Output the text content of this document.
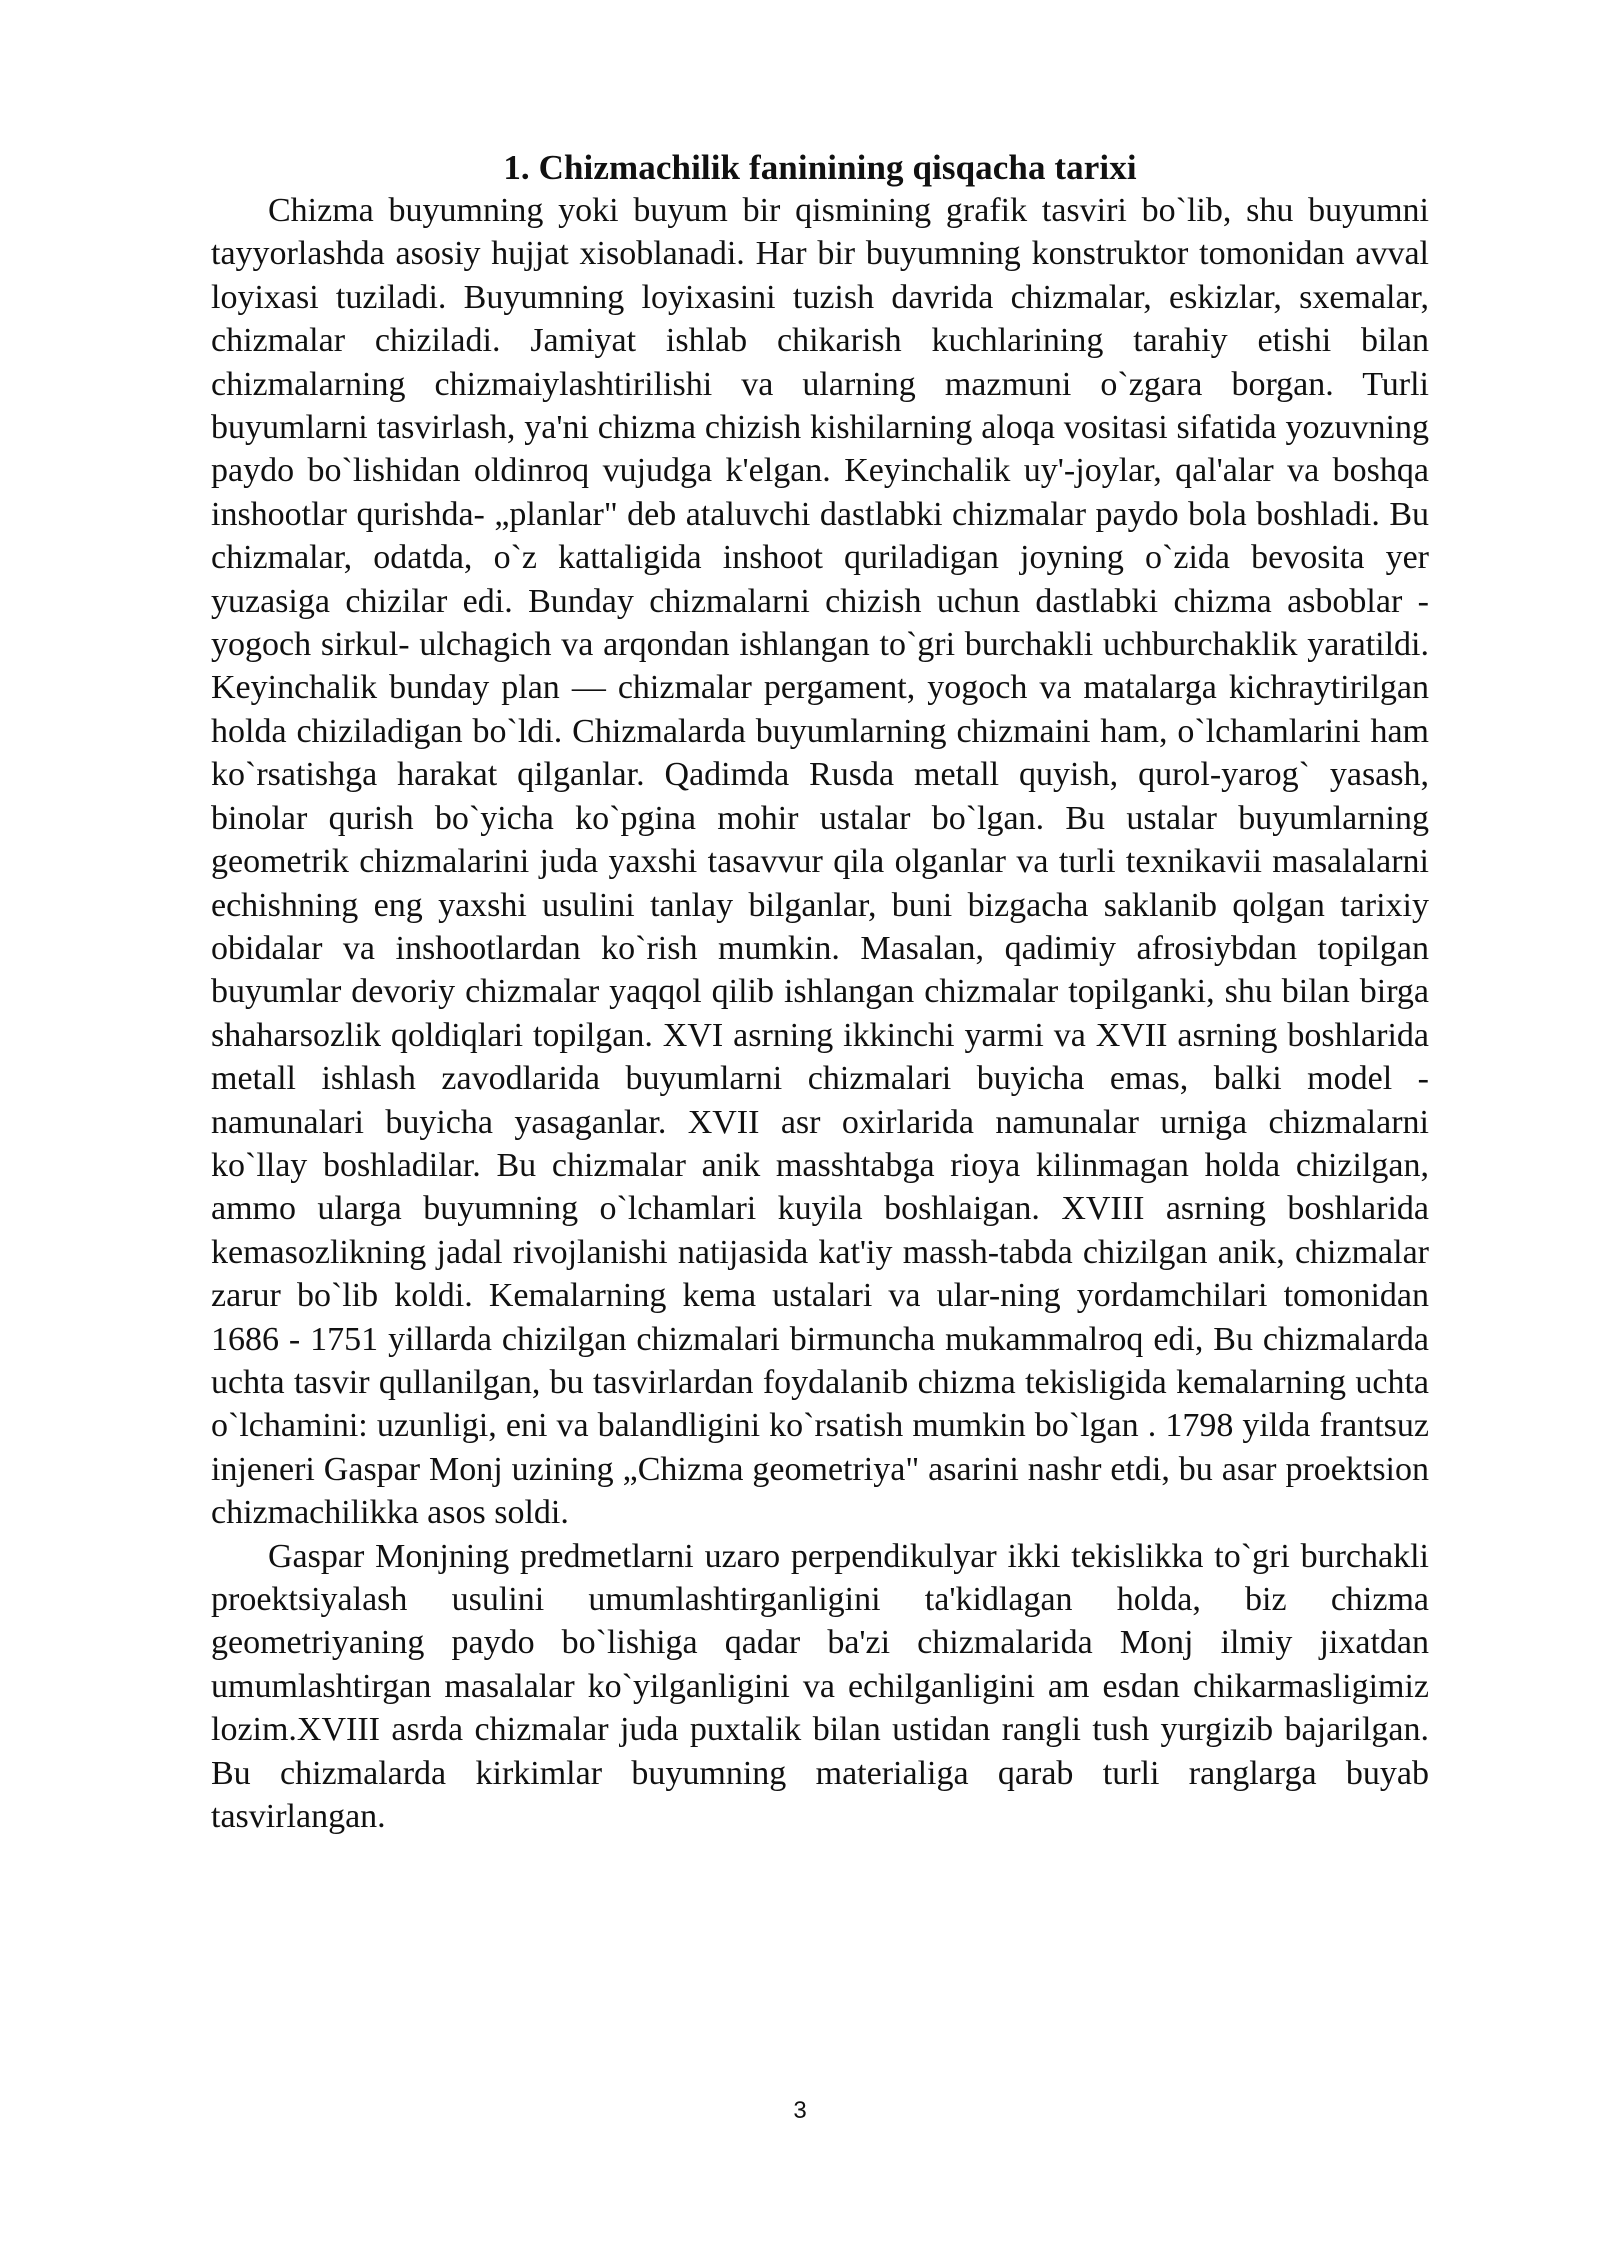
1. Chizmachilik faninining qisqacha tarixi

Chizma buyumning yoki buyum bir qismining grafik tasviri bo`lib, shu buyumni tayyorlashda asosiy hujjat xisoblanadi. Har bir buyumning konstruktor tomonidan avval loyixasi tuziladi. Buyumning loyixasini tuzish davrida chizmalar, eskizlar, sxemalar, chizmalar chiziladi. Jamiyat ishlab chikarish kuchlarining tarahiy etishi bilan chizmalarning chizmaiylashtirilishi va ularning mazmuni o`zgara borgan. Turli buyumlarni tasvirlash, ya'ni chizma chizish kishilarning aloqa vositasi sifatida yozuvning paydo bo`lishidan oldinroq vujudga k'elgan. Keyinchalik uy'-joylar, qal'alar va boshqa inshootlar qurishda- „planlar" deb ataluvchi dastlabki chizmalar paydo bola boshladi. Bu chizmalar, odatda, o`z kattaligida inshoot quriladigan joyning o`zida bevosita yer yuzasiga chizilar edi. Bunday chizmalarni chizish uchun dastlabki chizma asboblar - yogoch sirkul- ulchagich va arqondan ishlangan to`gri burchakli uchburchaklik yaratildi. Keyinchalik bunday plan — chizmalar pergament, yogoch va matalarga kichraytirilgan holda chiziladigan bo`ldi. Chizmalarda buyumlarning chizmaini ham, o`lchamlarini ham ko`rsatishga harakat qilganlar. Qadimda Rusda metall quyish, qurol-yarog` yasash, binolar qurish bo`yicha ko`pgina mohir ustalar bo`lgan. Bu ustalar buyumlarning geometrik chizmalarini juda yaxshi tasavvur qila olganlar va turli texnikavii masalalarni echishning eng yaxshi usulini tanlay bilganlar, buni bizgacha saklanib qolgan tarixiy obidalar va inshootlardan ko`rish mumkin. Masalan, qadimiy afrosiybdan topilgan buyumlar devoriy chizmalar yaqqol qilib ishlangan chizmalar topilganki, shu bilan birga shaharsozlik qoldiqlari topilgan. XVI asrning ikkinchi yarmi va XVII asrning boshlarida metall ishlash zavodlarida buyumlarni chizmalari buyicha emas, balki model - namunalari buyicha yasaganlar. XVII asr oxirlarida namunalar urniga chizmalarni ko`llay boshladilar. Bu chizmalar anik masshtabga rioya kilinmagan holda chizilgan, ammo ularga buyumning o`lchamlari kuyila boshlaigan. XVIII asrning boshlarida kemasozlikning jadal rivojlanishi natijasida kat'iy massh-tabda chizilgan anik, chizmalar zarur bo`lib koldi. Kemalarning kema ustalari va ular-ning yordamchilari tomonidan 1686 - 1751 yillarda chizilgan chizmalari birmuncha mukammalroq edi, Bu chizmalarda uchta tasvir qullanilgan, bu tasvirlardan foydalanib chizma tekisligida kemalarning uchta o`lchamini: uzunligi, eni va balandligini ko`rsatish mumkin bo`lgan . 1798 yilda frantsuz injeneri Gaspar Monj uzining „Chizma geometriya" asarini nashr etdi, bu asar proektsion chizmachilikka asos soldi.

Gaspar Monjning predmetlarni uzaro perpendikulyar ikki tekislikka to`gri burchakli proektsiyalash usulini umumlashtirganligini ta'kidlagan holda, biz chizma geometriyaning paydo bo`lishiga qadar ba'zi chizmalarida Monj ilmiy jixatdan umumlashtirgan masalalar ko`yilganligini va echilganligini am esdan chikarmasligimiz lozim.XVIII asrda chizmalar juda puxtalik bilan ustidan rangli tush yurgizib bajarilgan. Bu chizmalarda kirkimlar buyumning materialiga qarab turli ranglarga buyab tasvirlangan.

3
